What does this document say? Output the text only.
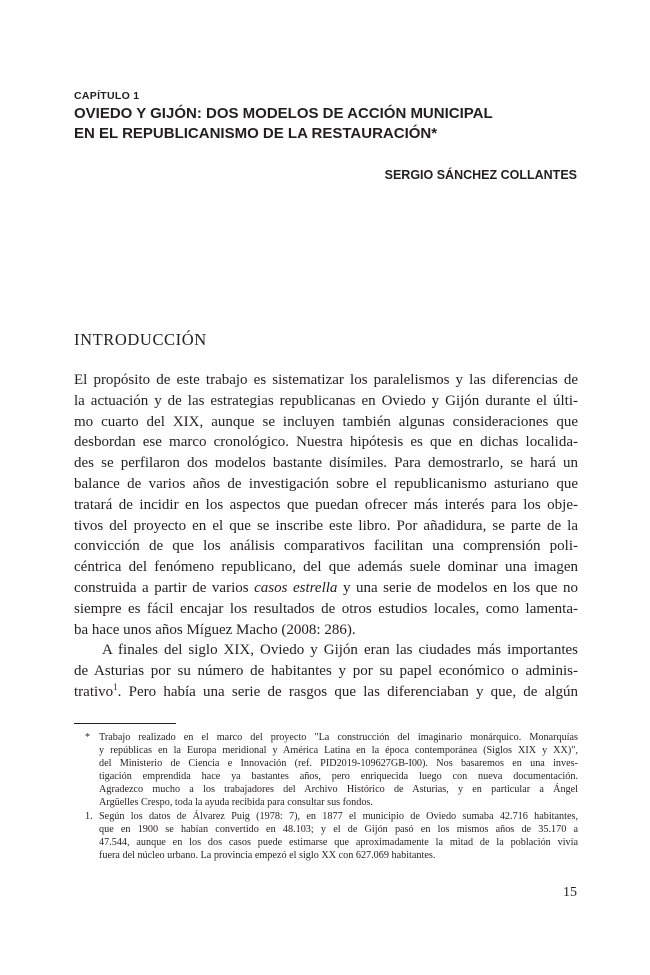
CAPÍTULO 1
OVIEDO Y GIJÓN: DOS MODELOS DE ACCIÓN MUNICIPAL
EN EL REPUBLICANISMO DE LA RESTAURACIÓN*
SERGIO SÁNCHEZ COLLANTES
INTRODUCCIÓN
El propósito de este trabajo es sistematizar los paralelismos y las diferencias de
la actuación y de las estrategias republicanas en Oviedo y Gijón durante el últi-
mo cuarto del XIX, aunque se incluyen también algunas consideraciones que
desbordan ese marco cronológico. Nuestra hipótesis es que en dichas localida-
des se perfilaron dos modelos bastante disímiles. Para demostrarlo, se hará un
balance de varios años de investigación sobre el republicanismo asturiano que
tratará de incidir en los aspectos que puedan ofrecer más interés para los obje-
tivos del proyecto en el que se inscribe este libro. Por añadidura, se parte de la
convicción de que los análisis comparativos facilitan una comprensión poli-
céntrica del fenómeno republicano, del que además suele dominar una imagen
construida a partir de varios casos estrella y una serie de modelos en los que no
siempre es fácil encajar los resultados de otros estudios locales, como lamenta-
ba hace unos años Míguez Macho (2008: 286).
A finales del siglo XIX, Oviedo y Gijón eran las ciudades más importantes
de Asturias por su número de habitantes y por su papel económico o adminis-
trativo$^1$. Pero había una serie de rasgos que las diferenciaban y que, de algún
* Trabajo realizado en el marco del proyecto "La construcción del imaginario monárquico. Monarquías
y repúblicas en la Europa meridional y América Latina en la época contemporánea (Siglos XIX y XX)",
del Ministerio de Ciencia e Innovación (ref. PID2019-109627GB-I00). Nos basaremos en una inves-
tigación emprendida hace ya bastantes años, pero enriquecida luego con nueva documentación.
Agradezco mucho a los trabajadores del Archivo Histórico de Asturias, y en particular a Ángel
Argüelles Crespo, toda la ayuda recibida para consultar sus fondos.
1. Según los datos de Álvarez Puig (1978: 7), en 1877 el municipio de Oviedo sumaba 42.716 habitantes,
que en 1900 se habían convertido en 48.103; y el de Gijón pasó en los mismos años de 35.170 a
47.544, aunque en los dos casos puede estimarse que aproximadamente la mitad de la población vivía
fuera del núcleo urbano. La provincia empezó el siglo XX con 627.069 habitantes.
15
